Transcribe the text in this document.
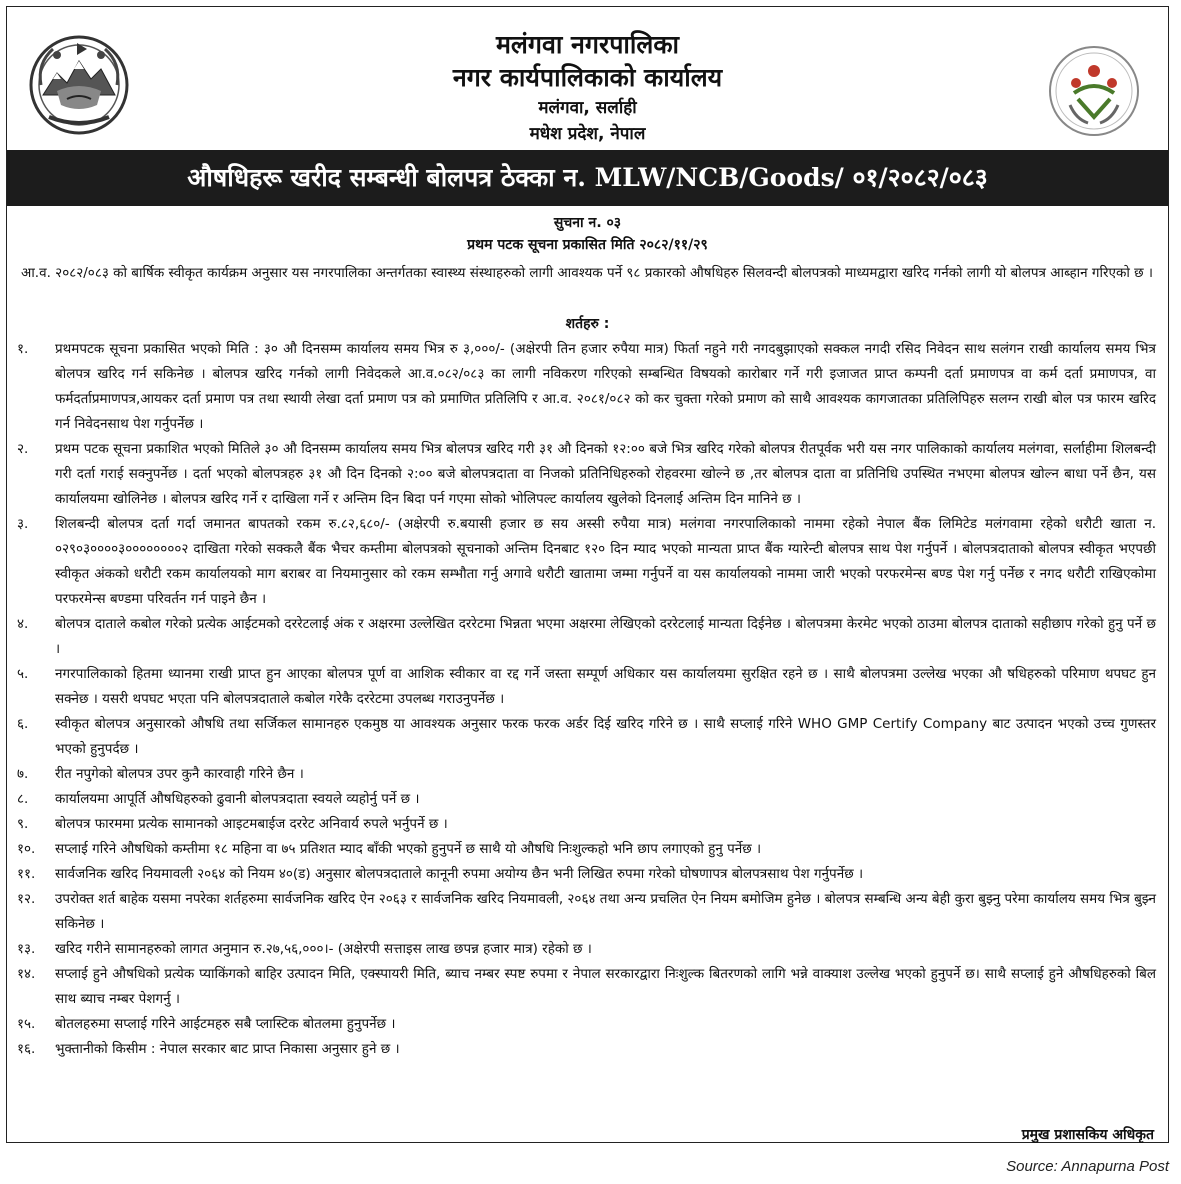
मलंगवा नगरपालिका
नगर कार्यपालिकाको कार्यालय
मलंगवा, सर्लाही
मधेश प्रदेश, नेपाल
औषधिहरू खरीद सम्बन्धी बोलपत्र ठेक्का न. MLW/NCB/Goods/ ०१/२०८२/०८३
सुचना न. ०३
प्रथम पटक सूचना प्रकासित मिति २०८२/११/२९
आ.व. २०८२/०८३ को बार्षिक स्वीकृत कार्यक्रम अनुसार यस नगरपालिका अन्तर्गतका स्वास्थ्य संस्थाहरुको लागी आवश्यक पर्ने ९८ प्रकारको औषधिहरु सिलवन्दी बोलपत्रको माध्यमद्वारा खरिद गर्नको लागी यो बोलपत्र आब्हान गरिएको छ ।
शर्तहरु :
१.	प्रथमपटक सूचना प्रकासित भएको मिति : ३० औ दिनसम्म कार्यालय समय भित्र रु ३,०००/- (अक्षेरपी तिन हजार रुपैया मात्र) फिर्ता नहुने गरी नगदबुझाएको सक्कल नगदी रसिद निवेदन साथ सलंगन राखी कार्यालय समय भित्र बोलपत्र खरिद गर्न सकिनेछ । बोलपत्र खरिद गर्नको लागी निवेदकले आ.व.०८२/०८३ का लागी नविकरण गरिएको सम्बन्धित विषयको कारोबार गर्ने गरी इजाजत प्राप्त कम्पनी दर्ता प्रमाणपत्र वा कर्म दर्ता प्रमाणपत्र, वा फर्मदर्ताप्रमाणपत्र,आयकर दर्ता प्रमाण पत्र तथा स्थायी लेखा दर्ता प्रमाण पत्र को प्रमाणित प्रतिलिपि र आ.व. २०८१/०८२ को कर चुक्ता गरेको प्रमाण को साथै आवश्यक कागजातका प्रतिलिपिहरु सलग्न राखी बोल पत्र फारम खरिद गर्न निवेदनसाथ पेश गर्नुपर्नेछ ।
२.	प्रथम पटक सूचना प्रकाशित भएको मितिले ३० औ दिनसम्म कार्यालय समय भित्र बोलपत्र खरिद गरी ३१ औ दिनको १२:०० बजे भित्र खरिद गरेको बोलपत्र रीतपूर्वक भरी यस नगर पालिकाको कार्यालय मलंगवा, सर्लाहीमा शिलबन्दी गरी दर्ता गराई सक्नुपर्नेछ । दर्ता भएको बोलपत्रहरु ३१ औ दिन दिनको २:०० बजे बोलपत्रदाता वा निजको प्रतिनिधिहरुको रोहवरमा खोल्ने छ ,तर बोलपत्र दाता वा प्रतिनिधि उपस्थित नभएमा बोलपत्र खोल्न बाधा पर्ने छैन, यस कार्यालयमा खोलिनेछ । बोलपत्र खरिद गर्ने र दाखिला गर्ने र अन्तिम दिन बिदा पर्न गएमा सोको भोलिपल्ट कार्यालय खुलेको दिनलाई अन्तिम दिन मानिने छ ।
३.	शिलबन्दी बोलपत्र दर्ता गर्दा जमानत बापतको रकम रु.८२,६८०/- (अक्षेरपी रु.बयासी हजार छ सय अस्सी रुपैया मात्र) मलंगवा नगरपालिकाको नाममा रहेको नेपाल बैंक लिमिटेड मलंगवामा रहेको धरौटी खाता न. ०२९०३००००३००००००००२ दाखिता गरेको सक्कलै बैंक भैचर कम्तीमा बोलपत्रको सूचनाको अन्तिम दिनबाट १२० दिन म्याद भएको मान्यता प्राप्त बैंक ग्यारेन्टी बोलपत्र साथ पेश गर्नुपर्ने । बोलपत्रदाताको बोलपत्र स्वीकृत भएपछी स्वीकृत अंकको धरौटी रकम कार्यालयको माग बराबर वा नियमानुसार को रकम सम्भौता गर्नु अगावे धरौटी खातामा जम्मा गर्नुपर्ने वा यस कार्यालयको नाममा जारी भएको परफरमेन्स बण्ड पेश गर्नु पर्नेछ र नगद धरौटी राखिएकोमा परफरमेन्स बण्डमा परिवर्तन गर्न पाइने छैन ।
४.	बोलपत्र दाताले कबोल गरेको प्रत्येक आईटमको दररेटलाई अंक र अक्षरमा उल्लेखित दररेटमा भिन्नता भएमा अक्षरमा लेखिएको दररेटलाई मान्यता दिईनेछ । बोलपत्रमा केरमेट भएको ठाउमा बोलपत्र दाताको सहीछाप गरेको हुनु पर्ने छ ।
५.	नगरपालिकाको हितमा ध्यानमा राखी प्राप्त हुन आएका बोलपत्र पूर्ण वा आशिक स्वीकार वा रद्द गर्ने जस्ता सम्पूर्ण अधिकार यस कार्यालयमा सुरक्षित रहने छ । साथै बोलपत्रमा उल्लेख भएका औ षधिहरुको परिमाण थपघट हुन सक्नेछ । यसरी थपघट भएता पनि बोलपत्रदाताले कबोल गरेकै दररेटमा उपलब्ध गराउनुपर्नेछ ।
६.	स्वीकृत बोलपत्र अनुसारको औषधि तथा सर्जिकल सामानहरु एकमुष्ठ या आवश्यक अनुसार फरक फरक अर्डर दिई खरिद गरिने छ । साथै सप्लाई गरिने WHO GMP Certify Company बाट उत्पादन भएको उच्च गुणस्तर भएको हुनुपर्दछ ।
७.	रीत नपुगेको बोलपत्र उपर कुनै कारवाही गरिने छैन ।
८.	कार्यालयमा आपूर्ति औषधिहरुको ढुवानी बोलपत्रदाता स्वयले व्यहोर्नु पर्ने छ ।
९.	बोलपत्र फारममा प्रत्येक सामानको आइटमबाईज दररेट अनिवार्य रुपले भर्नुपर्ने छ ।
१०.	सप्लाई गरिने औषधिको कम्तीमा १८ महिना वा ७५ प्रतिशत म्याद बाँकी भएको हुनुपर्ने छ साथै यो औषधि निःशुल्कहो भनि छाप लगाएको हुनु पर्नेछ ।
११.	सार्वजनिक खरिद नियमावली २०६४ को नियम ४०(ड) अनुसार बोलपत्रदाताले कानूनी रुपमा अयोग्य छैन भनी लिखित रुपमा गरेको घोषणापत्र बोलपत्रसाथ पेश गर्नुपर्नेछ ।
१२.	उपरोक्त शर्त बाहेक यसमा नपरेका शर्तहरुमा सार्वजनिक खरिद ऐन २०६३ र सार्वजनिक खरिद नियमावली, २०६४ तथा अन्य प्रचलित ऐन नियम बमोजिम हुनेछ । बोलपत्र सम्बन्धि अन्य बेही कुरा बुझ्नु परेमा कार्यालय समय भित्र बुझ्न सकिनेछ ।
१३.	खरिद गरीने सामानहरुको लागत अनुमान रु.२७,५६,०००।- (अक्षेरपी सत्ताइस लाख छपन्न हजार मात्र) रहेको छ ।
१४.	सप्लाई हुने औषधिको प्रत्येक प्याकिंगको बाहिर उत्पादन मिति, एक्स्पायरी मिति, ब्याच नम्बर स्पष्ट रुपमा र नेपाल सरकारद्वारा निःशुल्क बितरणको लागि भन्ने वाक्याश उल्लेख भएको हुनुपर्ने छ। साथै सप्लाई हुने औषधिहरुको बिल साथ ब्याच नम्बर पेशगर्नु ।
१५.	बोतलहरुमा सप्लाई गरिने आईटमहरु सबै प्लास्टिक बोतलमा हुनुपर्नेछ ।
१६.	भुक्तानीको किसीम : नेपाल सरकार बाट प्राप्त निकासा अनुसार हुने छ ।
प्रमुख प्रशासकिय अधिकृत
Source: Annapurna Post
